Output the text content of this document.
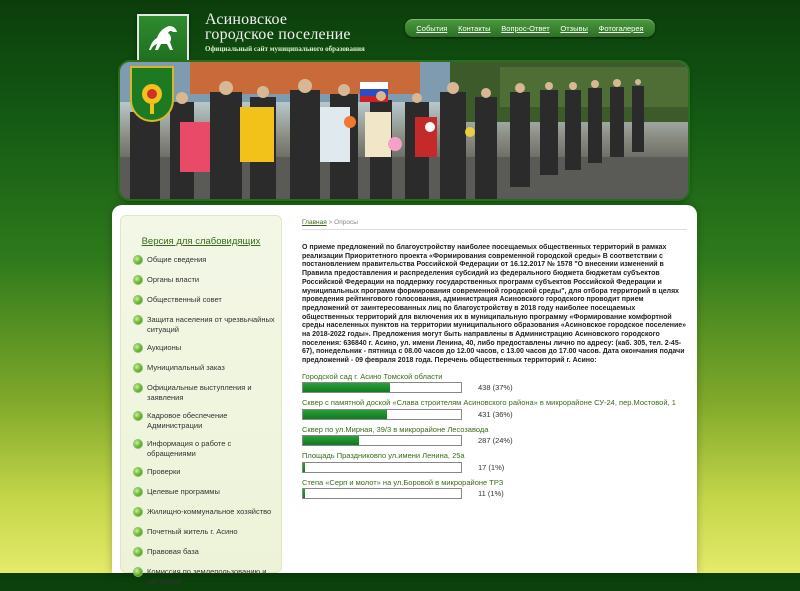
Асиновское
городское поселение
Официальный сайт муниципального образования
События Контакты Вопрос-Ответ Отзывы Фотогалерея
Версия для слабовидящих
Общие сведения
Органы власти
Общественный совет
Защита населения от чрезвычайных ситуаций
Аукционы
Муниципальный заказ
Официальные выступления и заявления
Кадровое обеспечение Администрации
Информация о работе с обращениями
Проверки
Целевые программы
Жилищно-коммунальное хозяйство
Почетный житель г. Асино
Правовая база
Комиссия по землепользованию и застройке
Главная > Опросы
О приеме предложений по благоустройству наиболее посещаемых общественных территорий в рамках реализации Приоритетного проекта «Формирования современной городской среды» В соответствии с постановлением правительства Российской Федерации от 16.12.2017 № 1578 "О внесении изменений в Правила предоставления и распределения субсидий из федерального бюджета бюджетам субъектов Российской Федерации на поддержку государственных программ субъектов Российской Федерации и муниципальных программ формирования современной городской среды", для отбора территорий в целях проведения рейтингового голосования, администрация Асиновского городского проводит прием предложений от заинтересованных лиц по благоустройству в 2018 году наиболее посещаемых общественных территорий для включения их в муниципальную программу «Формирование комфортной среды населенных пунктов на территории муниципального образования «Асиновское городское поселение» на 2018-2022 годы». Предложения могут быть направлены в Администрацию Асиновского городского поселения: 636840 г. Асино, ул. имени Ленина, 40, либо предоставлены лично по адресу: (каб. 305, тел. 2-45-67), понедельник - пятница с 08.00 часов до 12.00 часов, с 13.00 часов до 17.00 часов. Дата окончания подачи предложений - 09 февраля 2018 года. Перечень общественных территорий г. Асино:
Городской сад г. Асино Томской области
438 (37%)
Сквер с памятной доской «Слава строителям Асиновского района» в микрорайоне СУ-24, пер.Мостовой, 1
431 (36%)
Сквер по ул.Мирная, 39/3 в микрорайоне Лесозавода
287 (24%)
Площадь Праздниковпо ул.имени Ленина, 25а
17 (1%)
Степа «Серп и молот» на ул.Боровой в микрорайоне ТРЗ
11 (1%)
